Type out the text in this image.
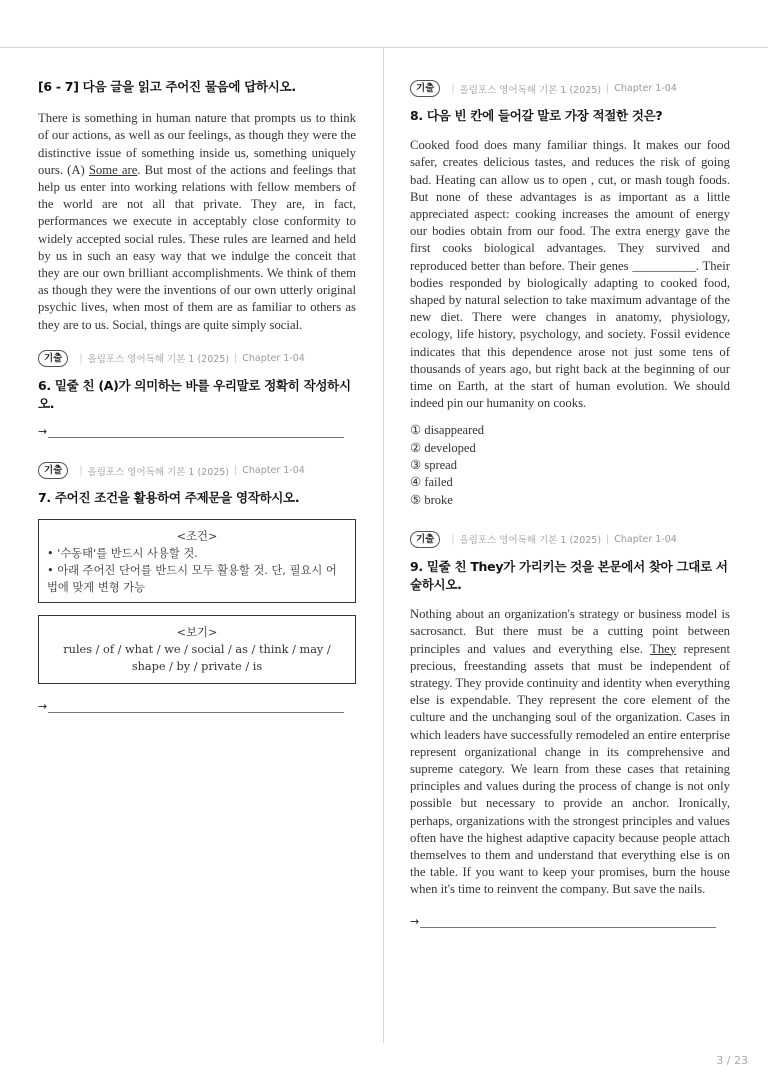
[6 - 7] 다음 글을 읽고 주어진 물음에 답하시오.

There is something in human nature that prompts us to think of our actions, as well as our feelings, as though they were the distinctive issue of something inside us, something uniquely ours. (A) Some are. But most of the actions and feelings that help us enter into working relations with fellow members of the world are not all that private. They are, in fact, performances we execute in acceptably close conformity to widely accepted social rules. These rules are learned and held by us in such an easy way that we indulge the conceit that they are our own brilliant accomplishments. We think of them as though they were the inventions of our own utterly original psychic lives, when most of them are as familiar to others as they are to us. Social, things are quite simply social.

기출	| 올림포스 영어독해 기본 1 (2025) | Chapter 1-04

6. 밑줄 친 (A)가 의미하는 바를 우리말로 정확히 작성하시오.

→
기출	| 올림포스 영어독해 기본 1 (2025) | Chapter 1-04

7. 주어진 조건을 활용하여 주제문을 영작하시오.

<조건>
• '수동태'를 반드시 사용할 것.
• 아래 주어진 단어를 반드시 모두 활용할 것. 단, 필요시 어법에 맞게 변형 가능
<보기>
rules / of / what / we / social / as / think / may / shape / by / private / is
→
기출	| 올림포스 영어독해 기본 1 (2025) | Chapter 1-04

8. 다음 빈 칸에 들어갈 말로 가장 적절한 것은?

Cooked food does many familiar things. It makes our food safer, creates delicious tastes, and reduces the risk of going bad. Heating can allow us to open , cut, or mash tough foods. But none of these advantages is as important as a little appreciated aspect: cooking increases the amount of energy our bodies obtain from our food. The extra energy gave the first cooks biological advantages. They survived and reproduced better than before. Their genes __________. Their bodies responded by biologically adapting to cooked food, shaped by natural selection to take maximum advantage of the new diet. There were changes in anatomy, physiology, ecology, life history, psychology, and society. Fossil evidence indicates that this dependence arose not just some tens of thousands of years ago, but right back at the beginning of our time on Earth, at the start of human evolution. We should indeed pin our humanity on cooks.

① disappeared
② developed
③ spread
④ failed
⑤ broke
기출	| 올림포스 영어독해 기본 1 (2025) | Chapter 1-04

9. 밑줄 친 They가 가리키는 것을 본문에서 찾아 그대로 서술하시오.

Nothing about an organization's strategy or business model is sacrosanct. But there must be a cutting point between principles and values and everything else. They represent precious, freestanding assets that must be independent of strategy. They provide continuity and identity when everything else is expendable. They represent the core element of the culture and the unchanging soul of the organization. Cases in which leaders have successfully remodeled an entire enterprise represent organizational change in its comprehensive and supreme category. We learn from these cases that retaining principles and values during the process of change is not only possible but necessary to provide an anchor. Ironically, perhaps, organizations with the strongest principles and values often have the highest adaptive capacity because people attach themselves to them and understand that everything else is on the table. If you want to keep your promises, burn the house when it's time to reinvent the company. But save the nails.

→
3 / 23
